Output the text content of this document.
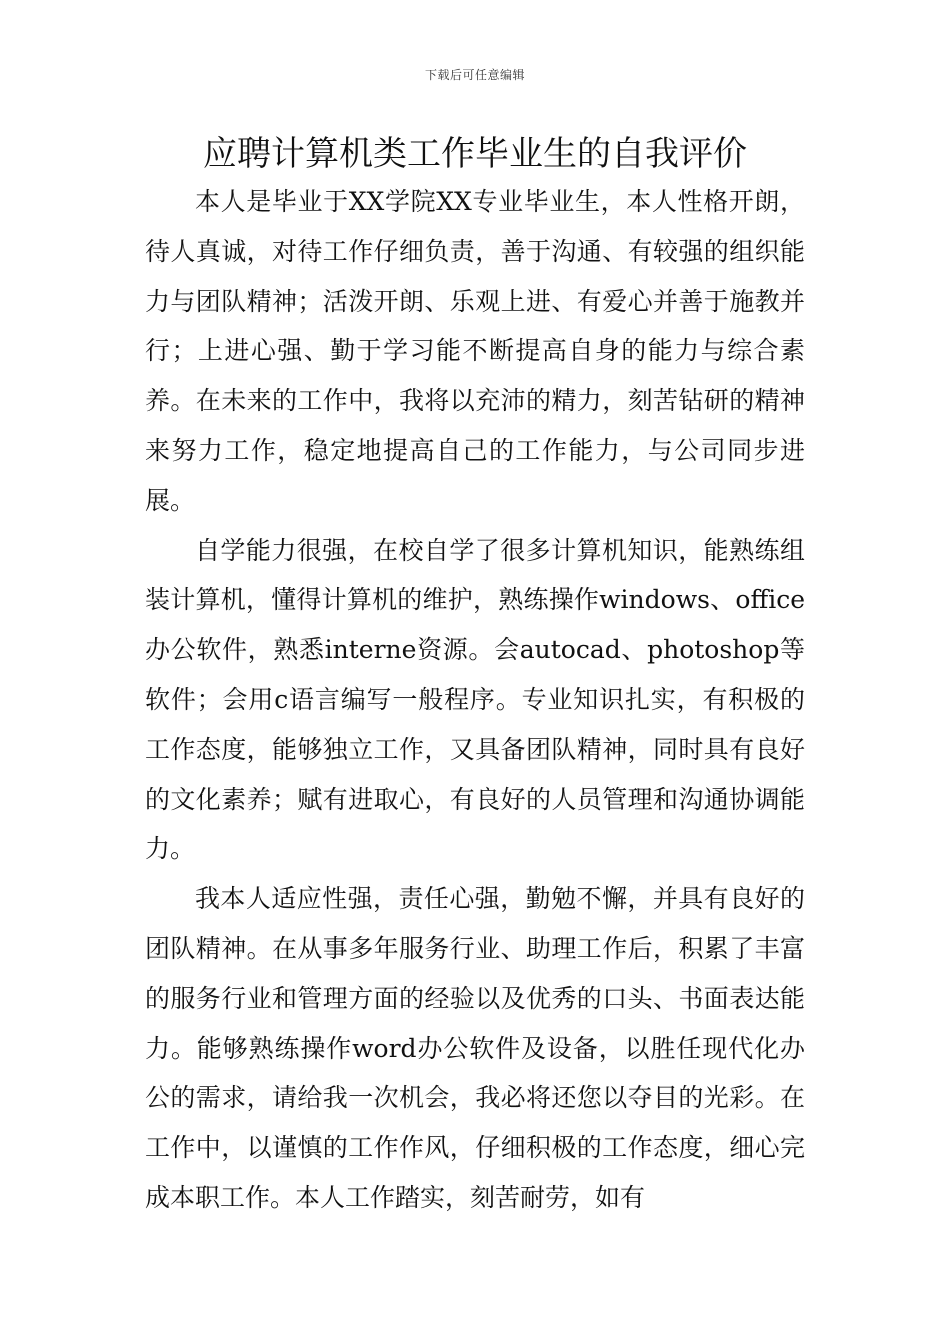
下载后可任意编辑
应聘计算机类工作毕业生的自我评价

本人是毕业于XX学院XX专业毕业生，本人性格开朗，待人真诚，对待工作仔细负责，善于沟通、有较强的组织能力与团队精神；活泼开朗、乐观上进、有爱心并善于施教并行；上进心强、勤于学习能不断提高自身的能力与综合素养。在未来的工作中，我将以充沛的精力，刻苦钻研的精神来努力工作，稳定地提高自己的工作能力，与公司同步进展。

自学能力很强，在校自学了很多计算机知识，能熟练组装计算机，懂得计算机的维护，熟练操作windows、office办公软件，熟悉interne资源。会autocad、photoshop等软件；会用c语言编写一般程序。专业知识扎实，有积极的工作态度，能够独立工作，又具备团队精神，同时具有良好的文化素养；赋有进取心，有良好的人员管理和沟通协调能力。

我本人适应性强，责任心强，勤勉不懈，并具有良好的团队精神。在从事多年服务行业、助理工作后，积累了丰富的服务行业和管理方面的经验以及优秀的口头、书面表达能力。能够熟练操作word办公软件及设备，以胜任现代化办公的需求，请给我一次机会，我必将还您以夺目的光彩。在工作中，以谨慎的工作作风，仔细积极的工作态度，细心完成本职工作。本人工作踏实，刻苦耐劳，如有
